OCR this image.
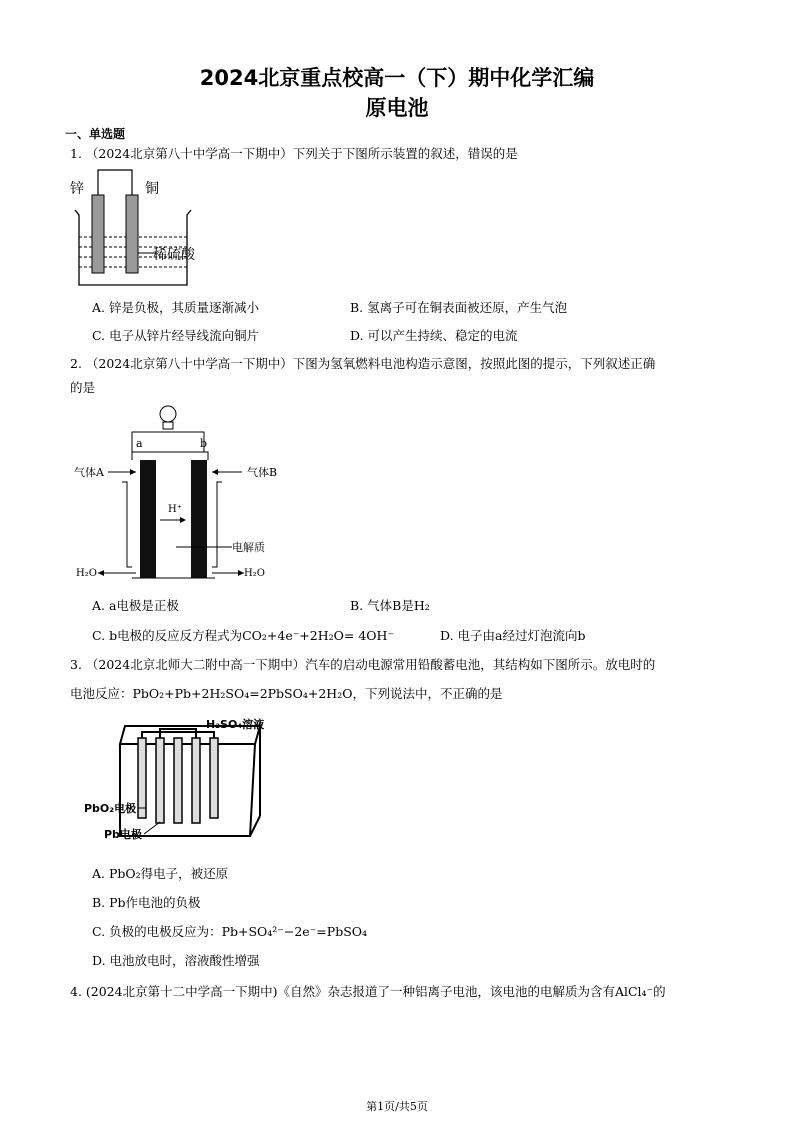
2024北京重点校高一（下）期中化学汇编
原电池
一、单选题
1. （2024北京第八十中学高一下期中）下列关于下图所示装置的叙述，错误的是
锌	铜
稀硫酸
A. 锌是负极，其质量逐渐减小	B. 氢离子可在铜表面被还原，产生气泡
C. 电子从锌片经导线流向铜片	D. 可以产生持续、稳定的电流
2. （2024北京第八十中学高一下期中）下图为氢氧燃料电池构造示意图，按照此图的提示，下列叙述正确
的是
a	b
气体A	气体B
H⁺
电解质
H₂O	H₂O
A. a电极是正极	B. 气体B是H₂
C. b电极的反应反方程式为CO₂+4e⁻+2H₂O= 4OH⁻	D. 电子由a经过灯泡流向b
3. （2024北京北师大二附中高一下期中）汽车的启动电源常用铅酸蓄电池，其结构如下图所示。放电时的
电池反应：PbO₂+Pb+2H₂SO₄=2PbSO₄+2H₂O，下列说法中，不正确的是
H₂SO₄溶液
PbO₂电极
Pb电极
A. PbO₂得电子，被还原
B. Pb作电池的负极
C. 负极的电极反应为：Pb+SO₄²⁻−2e⁻=PbSO₄
D. 电池放电时，溶液酸性增强
4. (2024北京第十二中学高一下期中)《自然》杂志报道了一种铝离子电池，该电池的电解质为含有AlCl₄⁻的
第1页/共5页
